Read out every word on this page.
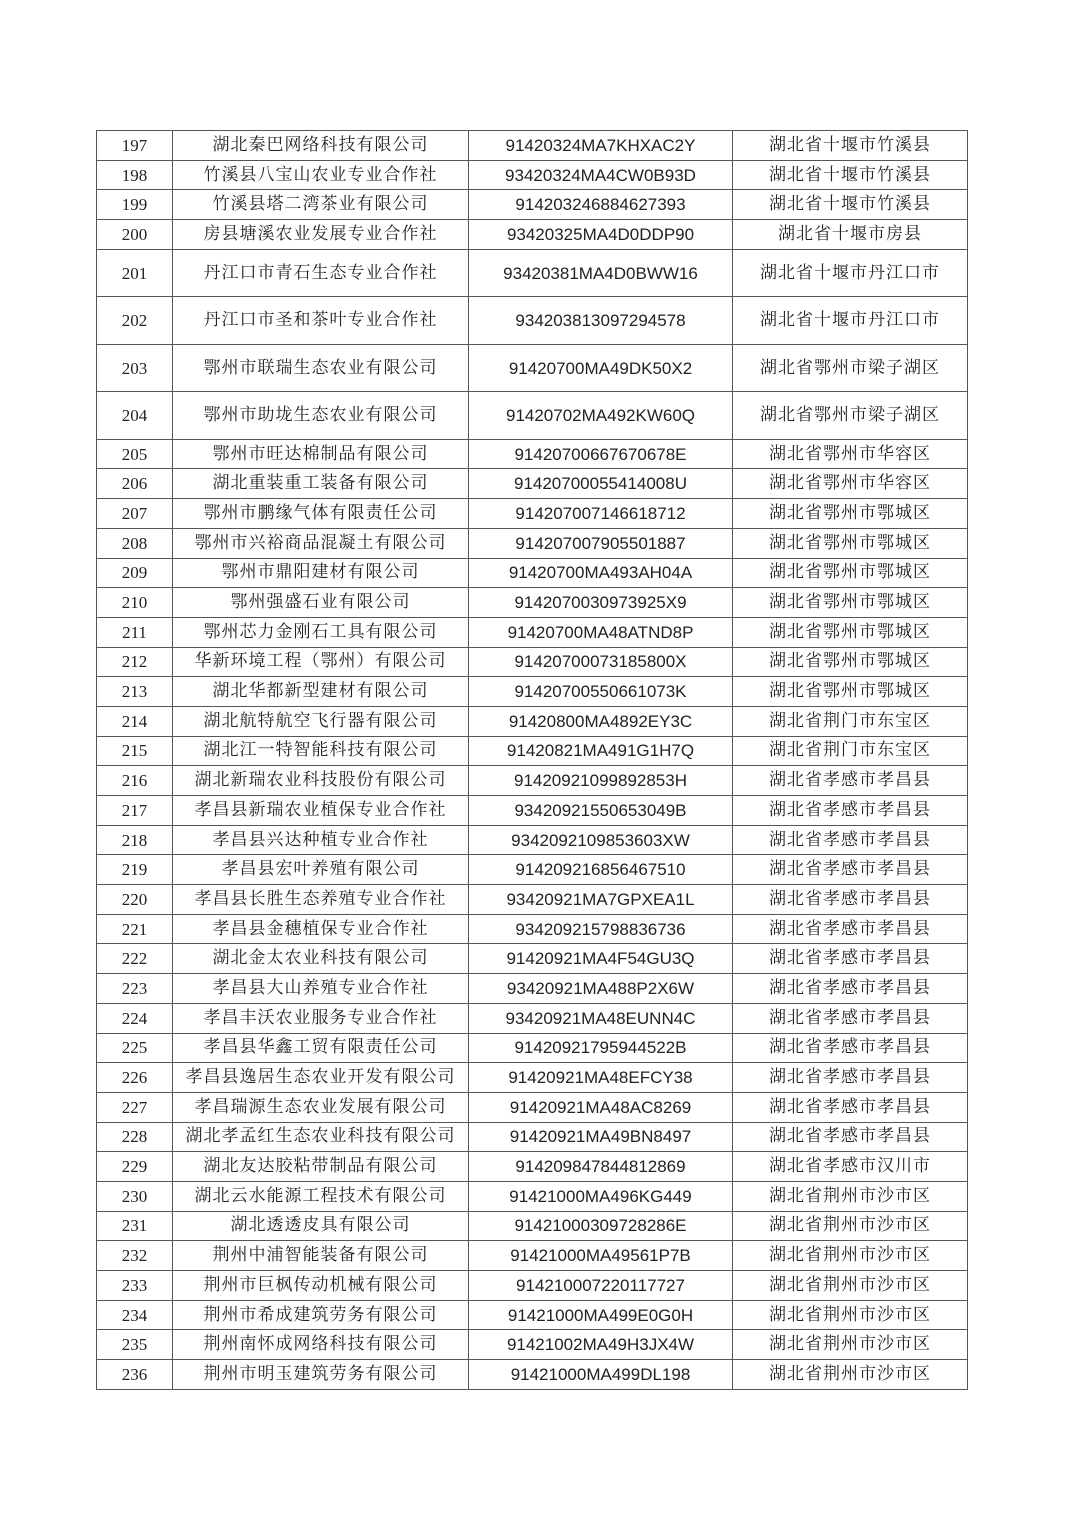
197	湖北秦巴网络科技有限公司	91420324MA7KHXAC2Y	湖北省十堰市竹溪县
198	竹溪县八宝山农业专业合作社	93420324MA4CW0B93D	湖北省十堰市竹溪县
199	竹溪县塔二湾茶业有限公司	914203246884627393	湖北省十堰市竹溪县
200	房县塘溪农业发展专业合作社	93420325MA4D0DDP90	湖北省十堰市房县
201	丹江口市青石生态专业合作社	93420381MA4D0BWW16	湖北省十堰市丹江口市
202	丹江口市圣和茶叶专业合作社	934203813097294578	湖北省十堰市丹江口市
203	鄂州市联瑞生态农业有限公司	91420700MA49DK50X2	湖北省鄂州市梁子湖区
204	鄂州市助垅生态农业有限公司	91420702MA492KW60Q	湖北省鄂州市梁子湖区
205	鄂州市旺达棉制品有限公司	91420700667670678E	湖北省鄂州市华容区
206	湖北重装重工装备有限公司	91420700055414008U	湖北省鄂州市华容区
207	鄂州市鹏缘气体有限责任公司	914207007146618712	湖北省鄂州市鄂城区
208	鄂州市兴裕商品混凝土有限公司	914207007905501887	湖北省鄂州市鄂城区
209	鄂州市鼎阳建材有限公司	91420700MA493AH04A	湖北省鄂州市鄂城区
210	鄂州强盛石业有限公司	9142070030973925X9	湖北省鄂州市鄂城区
211	鄂州芯力金刚石工具有限公司	91420700MA48ATND8P	湖北省鄂州市鄂城区
212	华新环境工程（鄂州）有限公司	91420700073185800X	湖北省鄂州市鄂城区
213	湖北华都新型建材有限公司	91420700550661073K	湖北省鄂州市鄂城区
214	湖北航特航空飞行器有限公司	91420800MA4892EY3C	湖北省荆门市东宝区
215	湖北江一特智能科技有限公司	91420821MA491G1H7Q	湖北省荆门市东宝区
216	湖北新瑞农业科技股份有限公司	91420921099892853H	湖北省孝感市孝昌县
217	孝昌县新瑞农业植保专业合作社	93420921550653049B	湖北省孝感市孝昌县
218	孝昌县兴达种植专业合作社	9342092109853603XW	湖北省孝感市孝昌县
219	孝昌县宏叶养殖有限公司	914209216856467510	湖北省孝感市孝昌县
220	孝昌县长胜生态养殖专业合作社	93420921MA7GPXEA1L	湖北省孝感市孝昌县
221	孝昌县金穗植保专业合作社	934209215798836736	湖北省孝感市孝昌县
222	湖北金太农业科技有限公司	91420921MA4F54GU3Q	湖北省孝感市孝昌县
223	孝昌县大山养殖专业合作社	93420921MA488P2X6W	湖北省孝感市孝昌县
224	孝昌丰沃农业服务专业合作社	93420921MA48EUNN4C	湖北省孝感市孝昌县
225	孝昌县华鑫工贸有限责任公司	91420921795944522B	湖北省孝感市孝昌县
226	孝昌县逸居生态农业开发有限公司	91420921MA48EFCY38	湖北省孝感市孝昌县
227	孝昌瑞源生态农业发展有限公司	91420921MA48AC8269	湖北省孝感市孝昌县
228	湖北孝孟红生态农业科技有限公司	91420921MA49BN8497	湖北省孝感市孝昌县
229	湖北友达胶粘带制品有限公司	914209847844812869	湖北省孝感市汉川市
230	湖北云水能源工程技术有限公司	91421000MA496KG449	湖北省荆州市沙市区
231	湖北透透皮具有限公司	91421000309728286E	湖北省荆州市沙市区
232	荆州中浦智能装备有限公司	91421000MA49561P7B	湖北省荆州市沙市区
233	荆州市巨枫传动机械有限公司	914210007220117727	湖北省荆州市沙市区
234	荆州市希成建筑劳务有限公司	91421000MA499E0G0H	湖北省荆州市沙市区
235	荆州南怀成网络科技有限公司	91421002MA49H3JX4W	湖北省荆州市沙市区
236	荆州市明玉建筑劳务有限公司	91421000MA499DL198	湖北省荆州市沙市区
